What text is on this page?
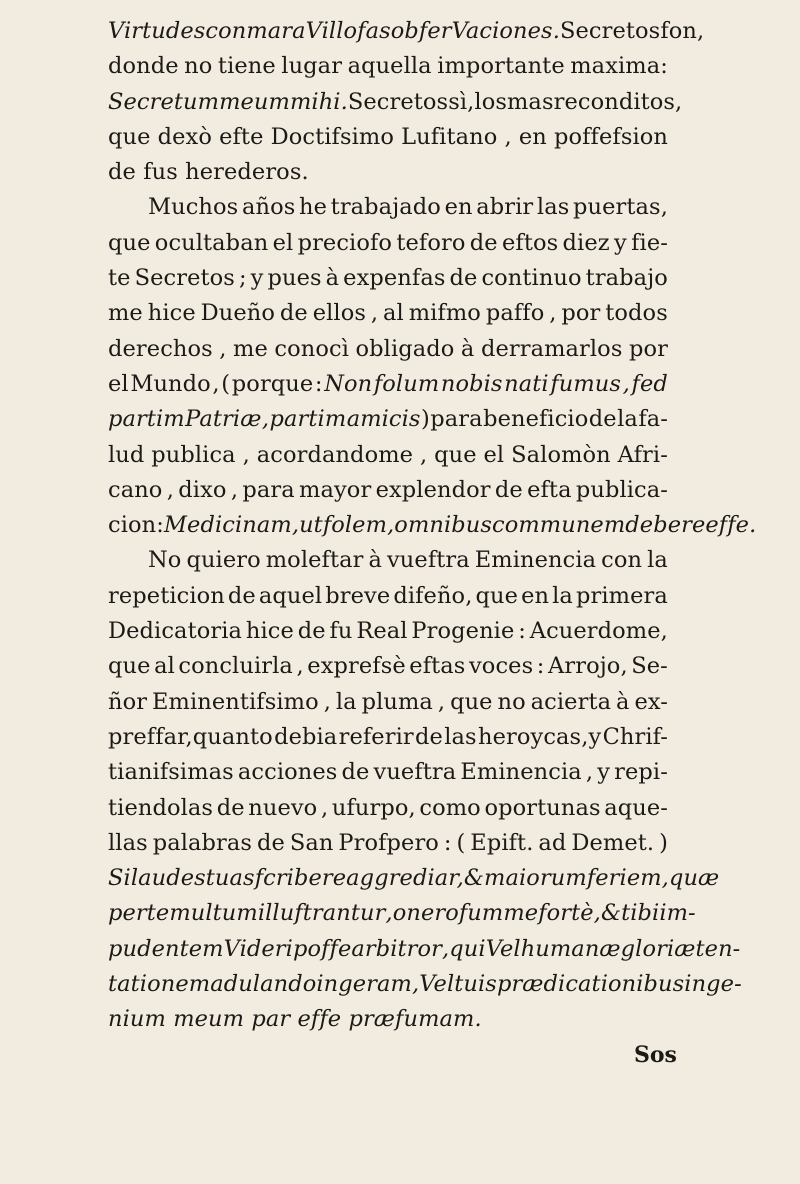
Virtudes con maraVillofas obferVaciones. Secretos fon,
donde no tiene lugar aquella importante maxima:
Secretum meum mihi. Secretos sì , los mas reconditos,
que dexò efte Doctifsimo Lufitano , en poffefsion
de
fus
herederos.
Muchos años he trabajado en abrir las puertas,
que ocultaban el preciofo teforo de eftos diez y fie-
te Secretos ; y pues à expenfas de continuo trabajo
me hice Dueño de ellos , al mifmo paffo , por todos
derechos , me conocì obligado à derramarlos por
el Mundo , ( porque : Non folum nobis nati fumus , fed
partim Patriæ , partim amicis ) para beneficio de la fa-
lud publica , acordandome , que el Salomòn Afri-
cano , dixo , para mayor explendor de efta publica-
cion: Medicinam,ut folem, omnibus communem debere effe.
No quiero moleftar à vueftra Eminencia con la
repeticion de aquel breve difeño, que en la primera
Dedicatoria hice de fu Real Progenie : Acuerdome,
que al concluirla , exprefsè eftas voces : Arrojo, Se-
ñor Eminentifsimo , la pluma , que no acierta à ex-
preffar,quanto debia referir de las heroycas,y Chrif-
tianifsimas acciones de vueftra Eminencia , y repi-
tiendolas de nuevo , ufurpo, como oportunas aque-
llas palabras de San Profpero : ( Epift. ad Demet. )
Si laudes tuas fcribere aggrediar,& maiorum feriem, quæ
perte multum illuftrantur , onerofum me fortè, & tibi im-
pudentem Videri poffe arbitror , qui Vel humanæ gloriæ ten-
tationem adulando ingeram , Vel tuis prædicationibus inge-
nium
meum
par
effe
præfumam.
Sos
